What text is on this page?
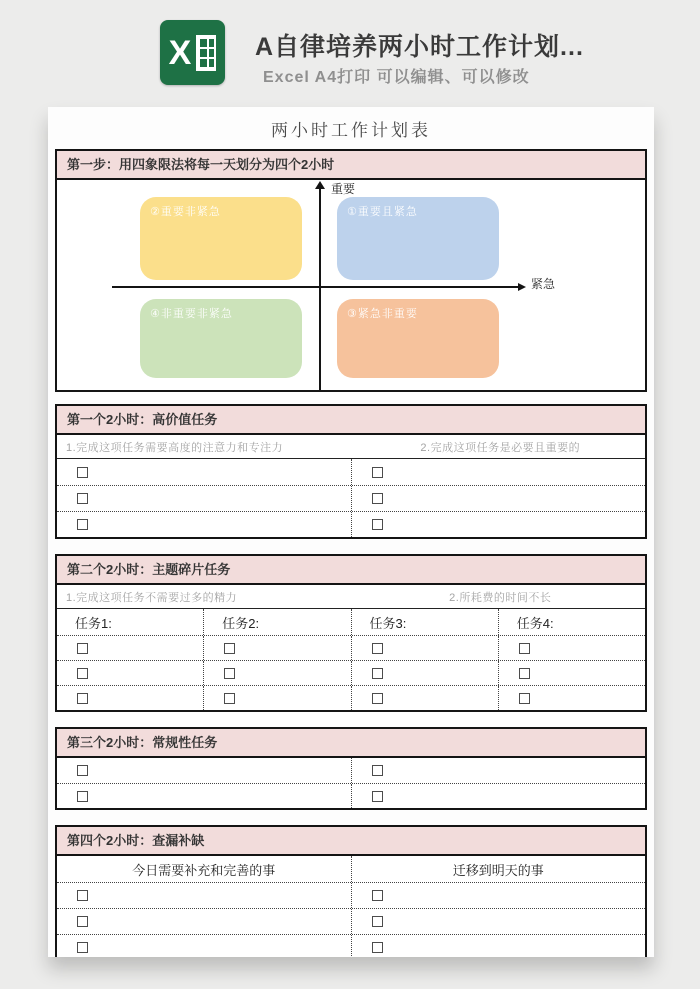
X	A自律培养两小时工作计划...
Excel A4打印 可以编辑、可以修改
两小时工作计划表
第一步：用四象限法将每一天划分为四个2小时
②重要非紧急	①重要且紧急
④非重要非紧急	③紧急非重要
重要
紧急
第一个2小时：高价值任务
1.完成这项任务需要高度的注意力和专注力	2.完成这项任务是必要且重要的
第二个2小时：主题碎片任务
1.完成这项任务不需要过多的精力	2.所耗费的时间不长
任务1:	任务2:	任务3:	任务4:
第三个2小时：常规性任务
第四个2小时：查漏补缺
今日需要补充和完善的事	迁移到明天的事
